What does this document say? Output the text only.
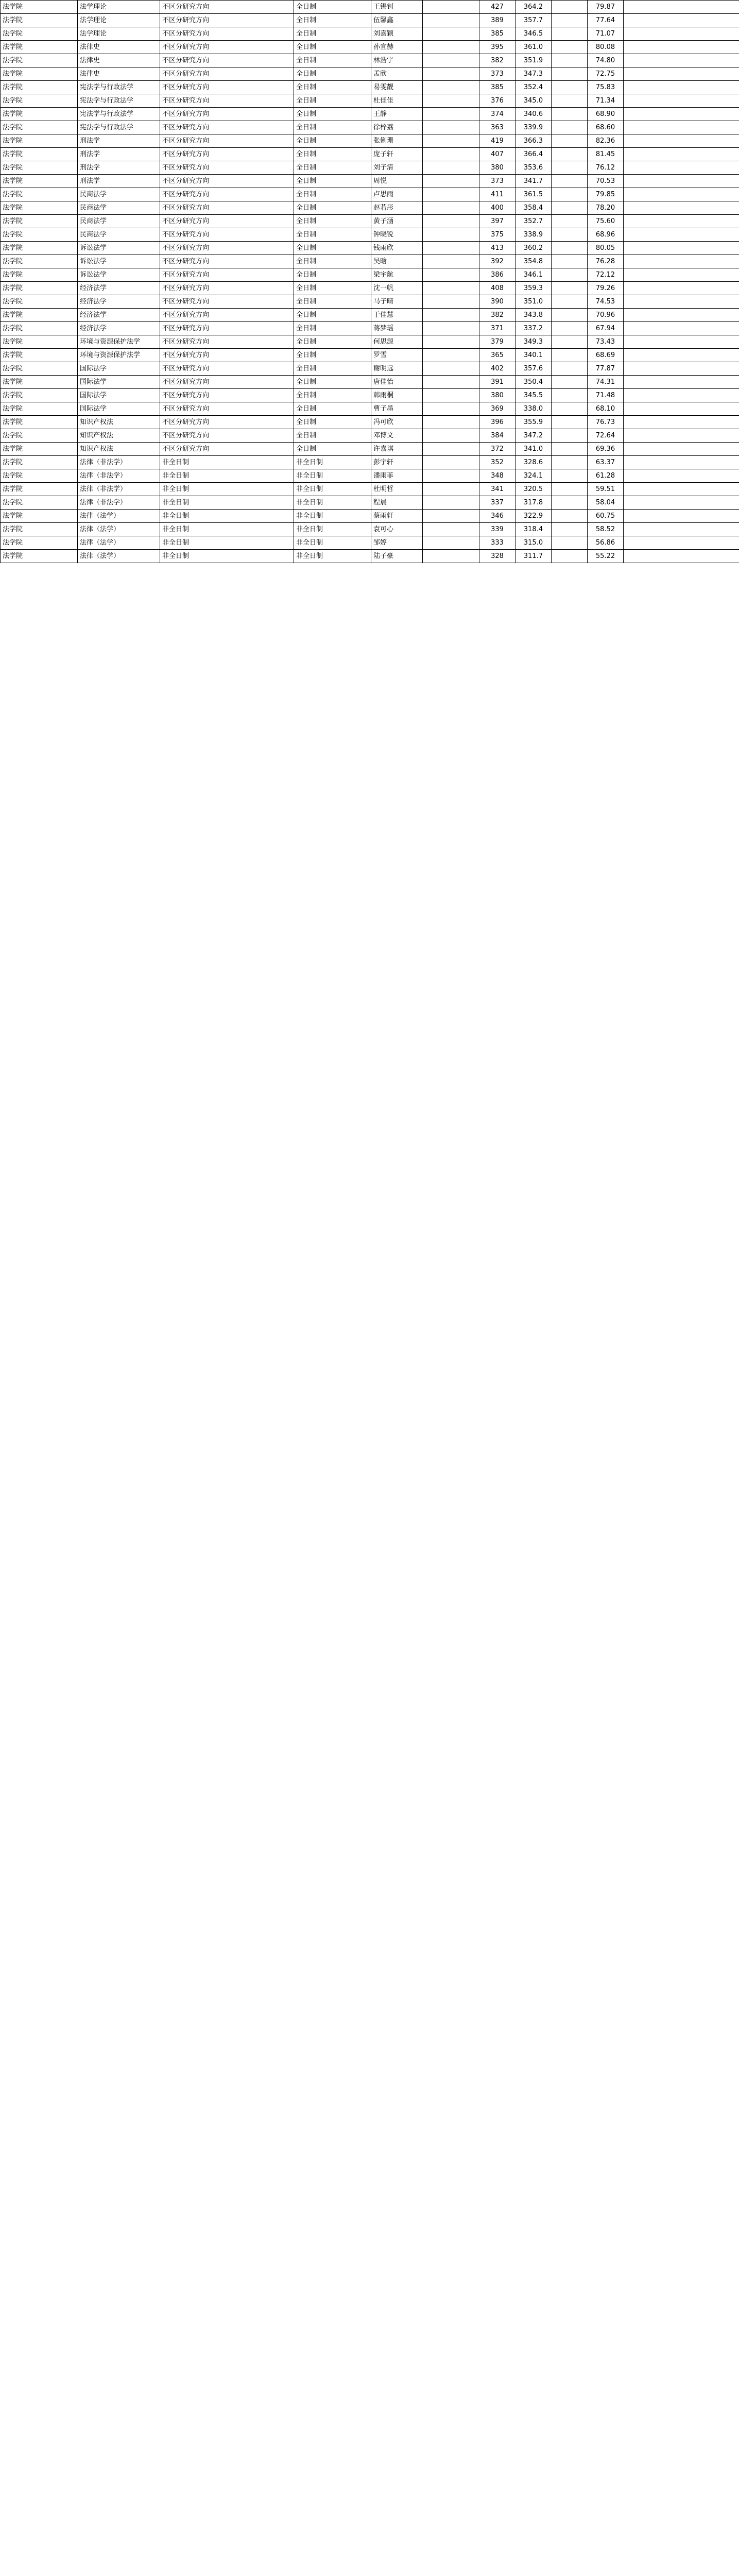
法学院	法学理论	不区分研究方向	全日制	王锡钊		427	364.2		79.87	
法学院	法学理论	不区分研究方向	全日制	伍馨鑫		389	357.7		77.64	
法学院	法学理论	不区分研究方向	全日制	刘嘉颖		385	346.5		71.07	
法学院	法律史	不区分研究方向	全日制	孙宜赫		395	361.0		80.08	
法学院	法律史	不区分研究方向	全日制	林浩宇		382	351.9		74.80	
法学院	法律史	不区分研究方向	全日制	孟欣		373	347.3		72.75	
法学院	宪法学与行政法学	不区分研究方向	全日制	易雯靓		385	352.4		75.83	
法学院	宪法学与行政法学	不区分研究方向	全日制	杜佳佳		376	345.0		71.34	
法学院	宪法学与行政法学	不区分研究方向	全日制	王静		374	340.6		68.90	
法学院	宪法学与行政法学	不区分研究方向	全日制	徐梓荔		363	339.9		68.60	
法学院	刑法学	不区分研究方向	全日制	张俐珊		419	366.3		82.36	
法学院	刑法学	不区分研究方向	全日制	庞子轩		407	366.4		81.45	
法学院	刑法学	不区分研究方向	全日制	刘子清		380	353.6		76.12	
法学院	刑法学	不区分研究方向	全日制	周悦		373	341.7		70.53	
法学院	民商法学	不区分研究方向	全日制	卢思雨		411	361.5		79.85	
法学院	民商法学	不区分研究方向	全日制	赵若彤		400	358.4		78.20	
法学院	民商法学	不区分研究方向	全日制	黄子涵		397	352.7		75.60	
法学院	民商法学	不区分研究方向	全日制	钟晓锐		375	338.9		68.96	
法学院	诉讼法学	不区分研究方向	全日制	钱雨欣		413	360.2		80.05	
法学院	诉讼法学	不区分研究方向	全日制	吴晗		392	354.8		76.28	
法学院	诉讼法学	不区分研究方向	全日制	梁宇航		386	346.1		72.12	
法学院	经济法学	不区分研究方向	全日制	沈一帆		408	359.3		79.26	
法学院	经济法学	不区分研究方向	全日制	马子晴		390	351.0		74.53	
法学院	经济法学	不区分研究方向	全日制	于佳慧		382	343.8		70.96	
法学院	经济法学	不区分研究方向	全日制	蒋梦瑶		371	337.2		67.94	
法学院	环境与资源保护法学	不区分研究方向	全日制	何思源		379	349.3		73.43	
法学院	环境与资源保护法学	不区分研究方向	全日制	罗雪		365	340.1		68.69	
法学院	国际法学	不区分研究方向	全日制	谢明远		402	357.6		77.87	
法学院	国际法学	不区分研究方向	全日制	唐佳怡		391	350.4		74.31	
法学院	国际法学	不区分研究方向	全日制	韩雨桐		380	345.5		71.48	
法学院	国际法学	不区分研究方向	全日制	曹子墨		369	338.0		68.10	
法学院	知识产权法	不区分研究方向	全日制	冯可欣		396	355.9		76.73	
法学院	知识产权法	不区分研究方向	全日制	邓博文		384	347.2		72.64	
法学院	知识产权法	不区分研究方向	全日制	许嘉琪		372	341.0		69.36	
法学院	法律（非法学）	非全日制	非全日制	彭宇轩		352	328.6		63.37	
法学院	法律（非法学）	非全日制	非全日制	潘雨菲		348	324.1		61.28	
法学院	法律（非法学）	非全日制	非全日制	杜明哲		341	320.5		59.51	
法学院	法律（非法学）	非全日制	非全日制	程晨		337	317.8		58.04	
法学院	法律（法学）	非全日制	非全日制	蔡雨轩		346	322.9		60.75	
法学院	法律（法学）	非全日制	非全日制	袁可心		339	318.4		58.52	
法学院	法律（法学）	非全日制	非全日制	邹婷		333	315.0		56.86	
法学院	法律（法学）	非全日制	非全日制	陆子豪		328	311.7		55.22	
